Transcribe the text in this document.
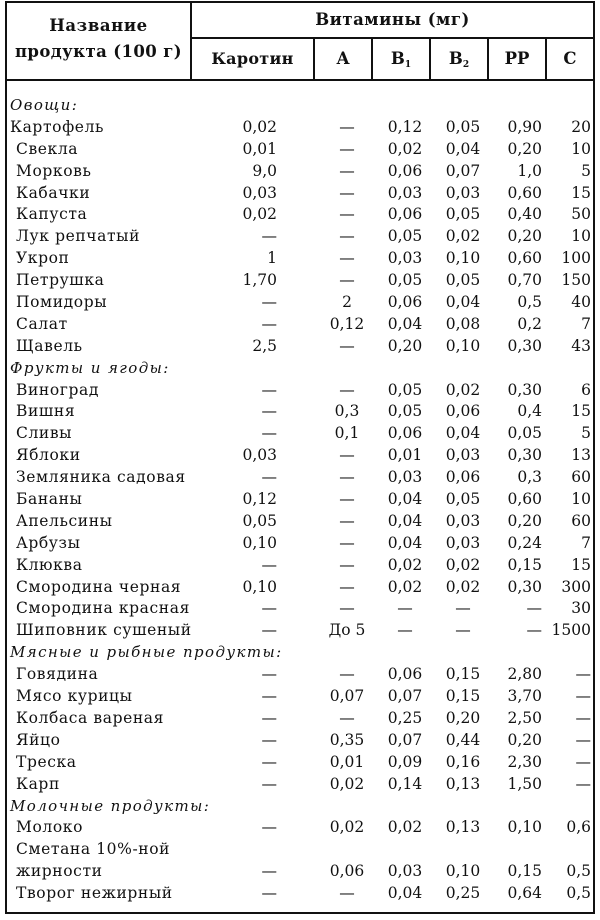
Название
продукта (100 г)
Витамины (мг)
Каротин	A	$B_1$	$B_2$	PP	C
Овощи:
Картофель	0,02	—	0,12	0,05	0,90 20
Свекла	0,01	—	0,02	0,04	0,20 10
Морковь	9,0	—	0,06	0,07	1,0	5
Кабачки	0,03	—	0,03	0,03	0,60 15
Капуста	0,02	—	0,06	0,05	0,40 50
Лук репчатый	—	—	0,05	0,02	0,20 10
Укроп	1	—	0,03	0,10	0,60 100
Петрушка	1,70	—	0,05	0,05	0,70 150
Помидоры	—	2	0,06	0,04	0,5 40
Салат	—	0,12	0,04	0,08	0,2	7
Щавель	2,5	—	0,20	0,10	0,30 43
Фрукты и ягоды:
Виноград	—	—	0,05	0,02	0,30	6
Вишня	—	0,3	0,05	0,06	0,4 15
Сливы	—	0,1	0,06	0,04	0,05	5
Яблоки	0,03	—	0,01	0,03	0,30 13
Земляника садовая	—	—	0,03	0,06	0,3 60
Бананы	0,12	—	0,04	0,05	0,60 10
Апельсины	0,05	—	0,04	0,03	0,20 60
Арбузы	0,10	—	0,04	0,03	0,24	7
Клюква	—	—	0,02	0,02	0,15 15
Смородина черная	0,10	—	0,02	0,02	0,30 300
Смородина красная	—	—	—	—	— 30
Шиповник сушеный	—	До 5	—	—	— 1500
Мясные и рыбные продукты:
Говядина	—	—	0,06	0,15	2,80 —
Мясо курицы	—	0,07	0,07	0,15	3,70 —
Колбаса вареная	—	—	0,25	0,20	2,50 —
Яйцо	—	0,35	0,07	0,44	0,20 —
Треска	—	0,01	0,09	0,16	2,30 —
Карп	—	0,02	0,14	0,13	1,50 —
Молочные продукты:
Молоко	—	0,02	0,02	0,13	0,10 0,6
Сметана 10%-ной
жирности	—	0,06	0,03	0,10	0,15 0,5
Творог нежирный	—	—	0,04	0,25	0,64 0,5
